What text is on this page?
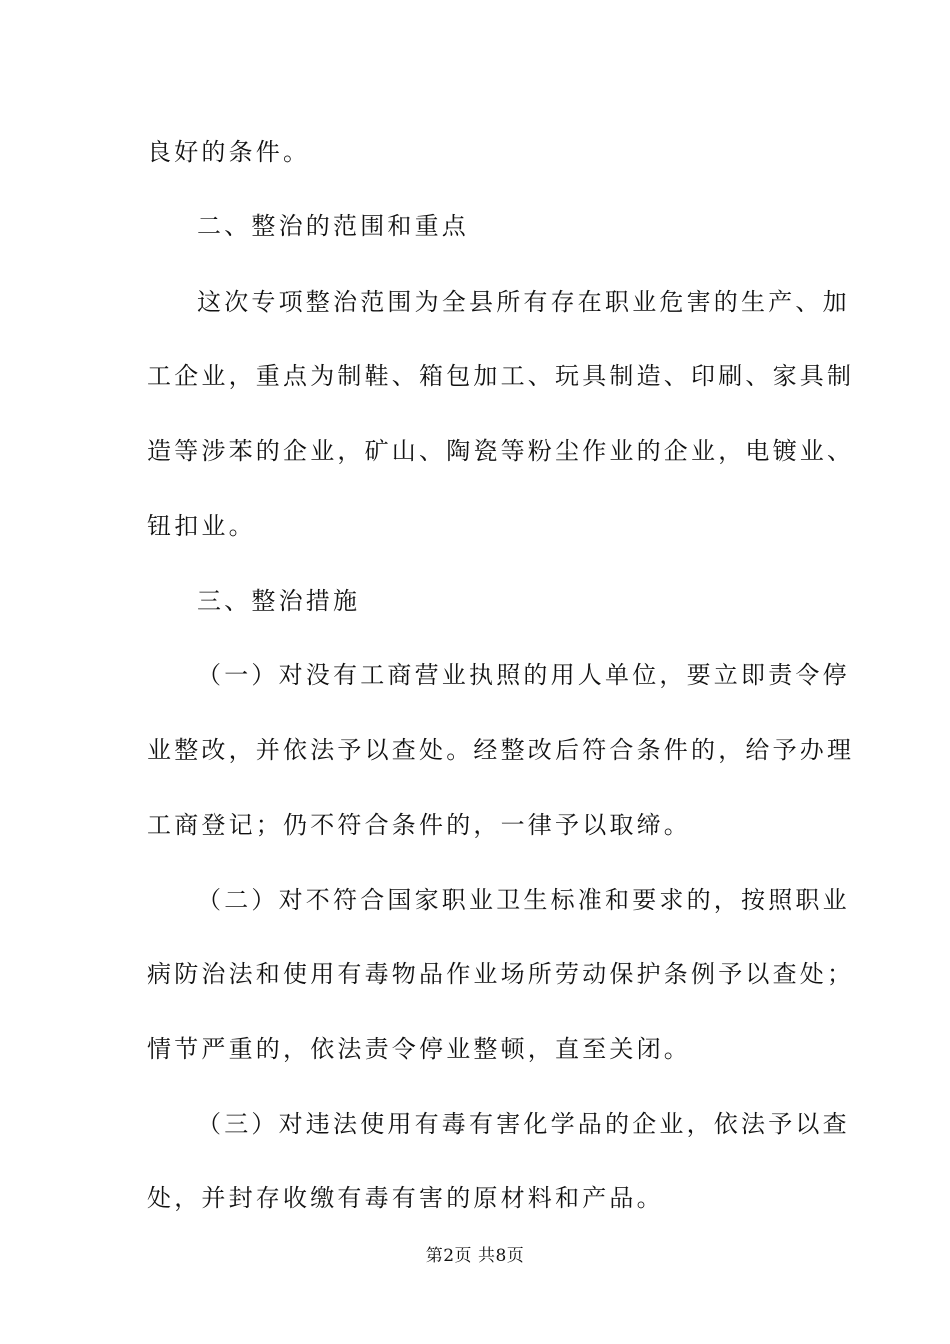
良好的条件。
二、整治的范围和重点
这次专项整治范围为全县所有存在职业危害的生产、加
工企业，重点为制鞋、箱包加工、玩具制造、印刷、家具制
造等涉苯的企业，矿山、陶瓷等粉尘作业的企业，电镀业、
钮扣业。
三、整治措施
（一）对没有工商营业执照的用人单位，要立即责令停
业整改，并依法予以查处。经整改后符合条件的，给予办理
工商登记；仍不符合条件的，一律予以取缔。
（二）对不符合国家职业卫生标准和要求的，按照职业
病防治法和使用有毒物品作业场所劳动保护条例予以查处；
情节严重的，依法责令停业整顿，直至关闭。
（三）对违法使用有毒有害化学品的企业，依法予以查
处，并封存收缴有毒有害的原材料和产品。
第2页 共8页
